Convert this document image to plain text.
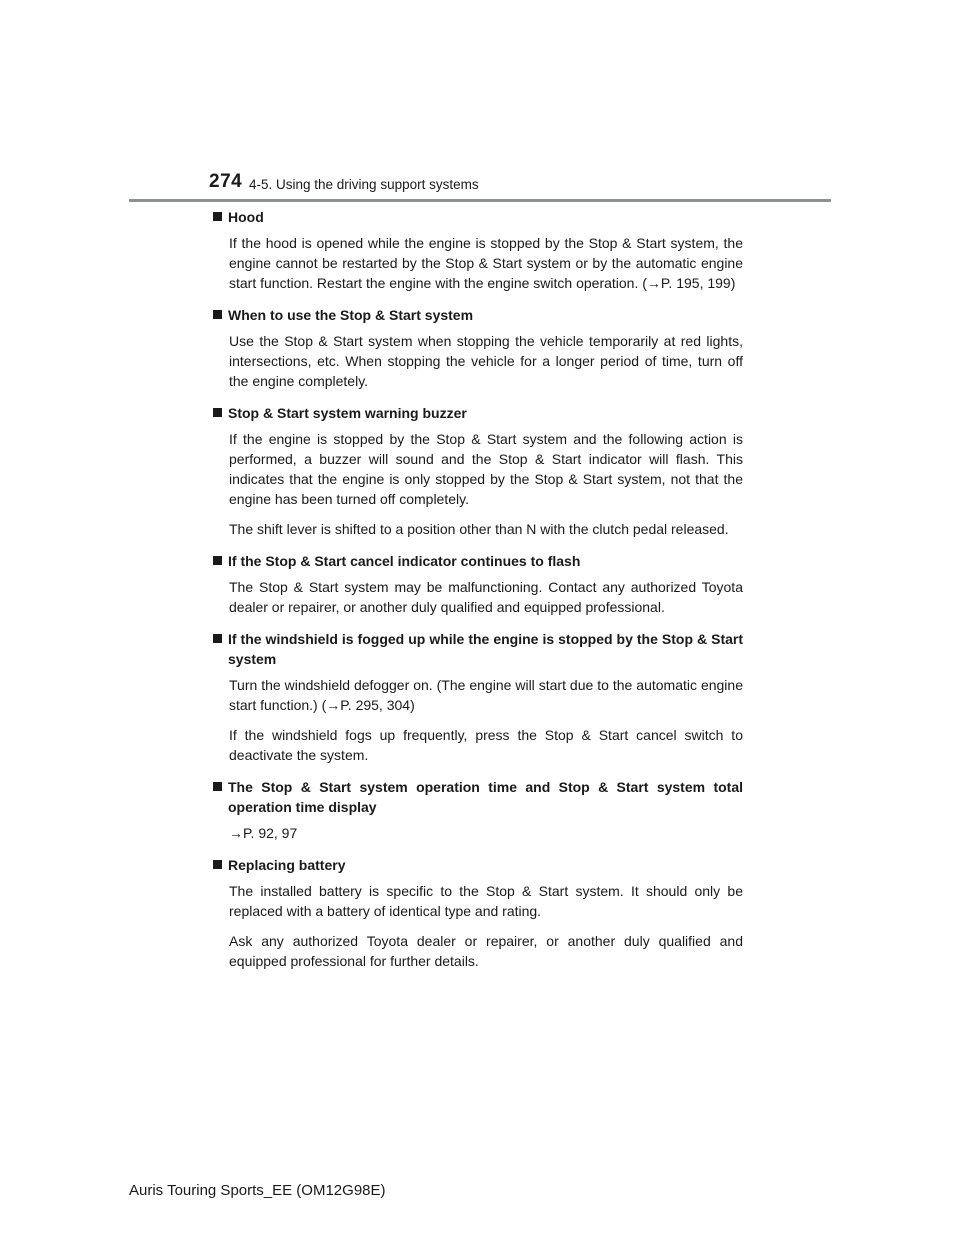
274 4-5. Using the driving support systems
Hood

If the hood is opened while the engine is stopped by the Stop & Start system, the engine cannot be restarted by the Stop & Start system or by the automatic engine start function. Restart the engine with the engine switch operation. (→P. 195, 199)

When to use the Stop & Start system

Use the Stop & Start system when stopping the vehicle temporarily at red lights, intersections, etc. When stopping the vehicle for a longer period of time, turn off the engine completely.

Stop & Start system warning buzzer

If the engine is stopped by the Stop & Start system and the following action is performed, a buzzer will sound and the Stop & Start indicator will flash. This indicates that the engine is only stopped by the Stop & Start system, not that the engine has been turned off completely.

The shift lever is shifted to a position other than N with the clutch pedal released.

If the Stop & Start cancel indicator continues to flash

The Stop & Start system may be malfunctioning. Contact any authorized Toyota dealer or repairer, or another duly qualified and equipped professional.

If the windshield is fogged up while the engine is stopped by the Stop & Start system

Turn the windshield defogger on. (The engine will start due to the automatic engine start function.) (→P. 295, 304)

If the windshield fogs up frequently, press the Stop & Start cancel switch to deactivate the system.

The Stop & Start system operation time and Stop & Start system total operation time display

→P. 92, 97

Replacing battery

The installed battery is specific to the Stop & Start system. It should only be replaced with a battery of identical type and rating.

Ask any authorized Toyota dealer or repairer, or another duly qualified and equipped professional for further details.

Auris Touring Sports_EE (OM12G98E)
